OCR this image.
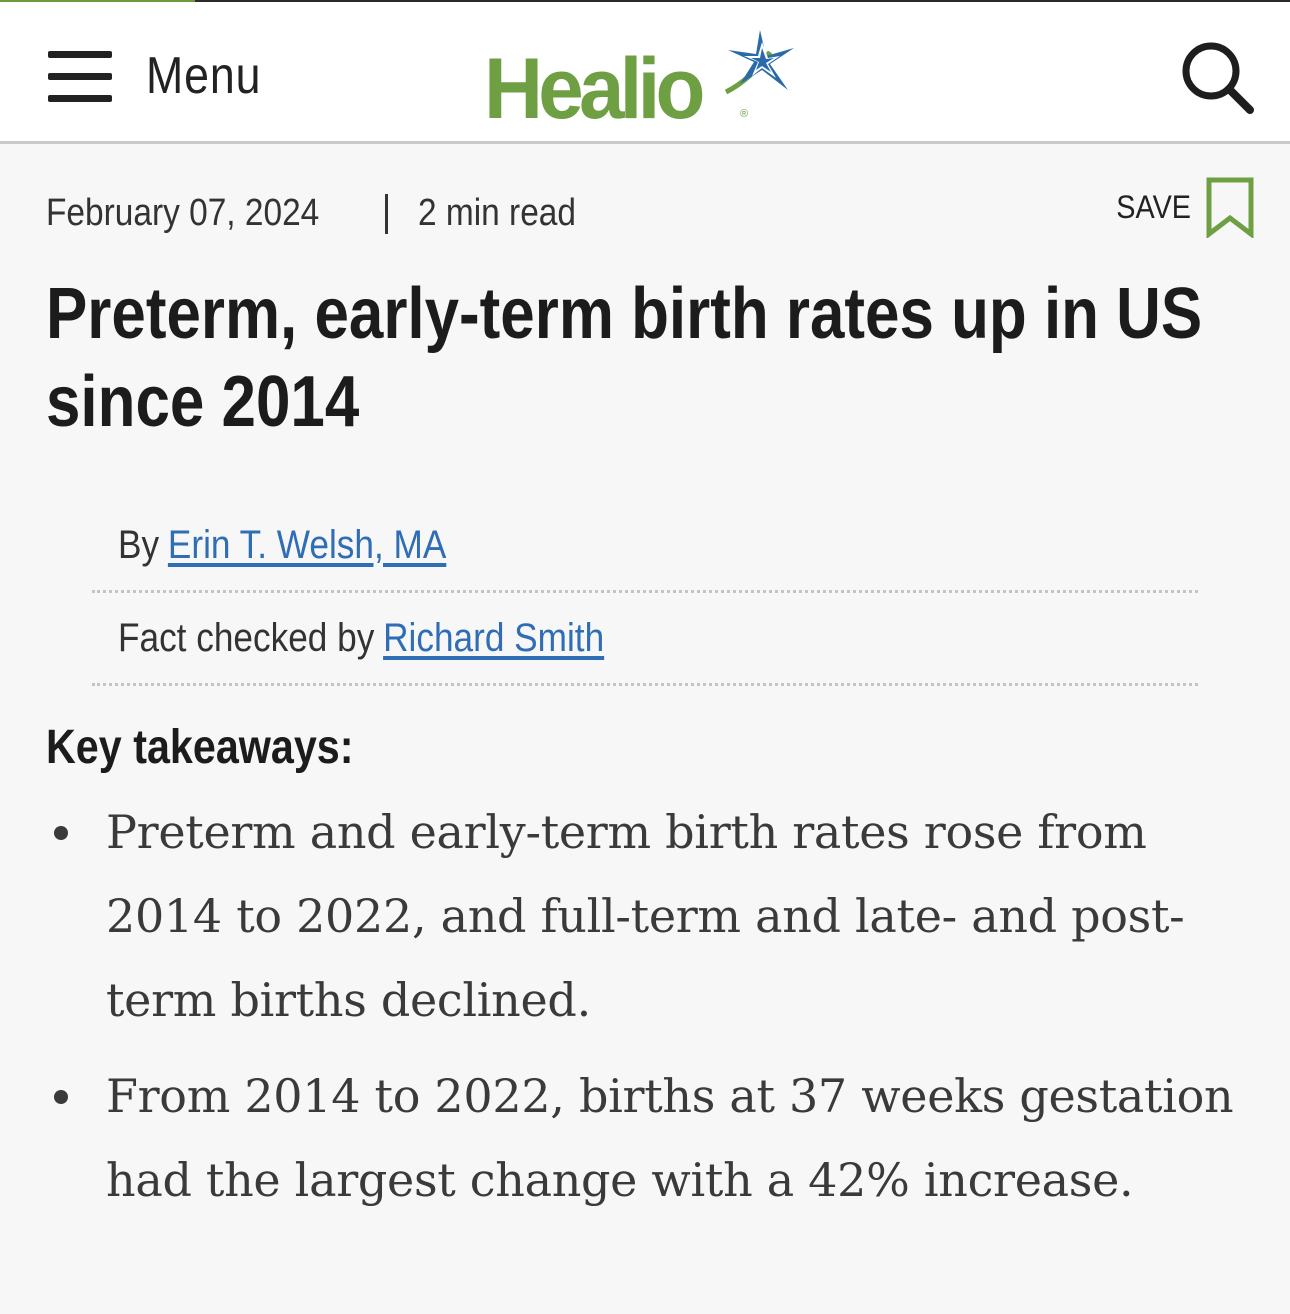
Menu	Healio	®
February 07, 2024	2 min read	SAVE
Preterm, early-term birth rates up in US since 2014
By Erin T. Welsh, MA
Fact checked by Richard Smith
Key takeaways:
Preterm and early-term birth rates rose from 2014 to 2022, and full-term and late- and post-term births declined.
From 2014 to 2022, births at 37 weeks gestation had the largest change with a 42% increase.
